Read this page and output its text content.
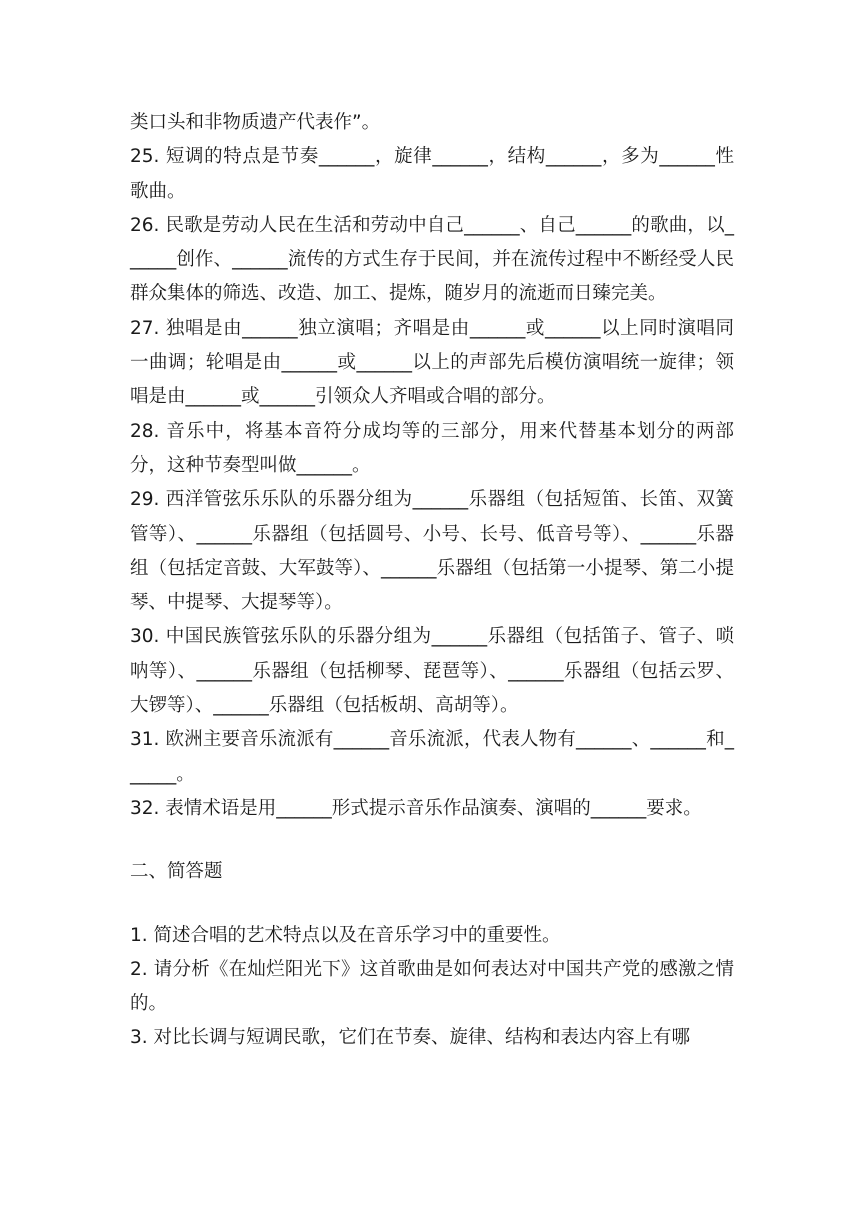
类口头和非物质遗产代表作”。

25. 短调的特点是节奏______，旋律______，结构______，多为______性歌曲。

26. 民歌是劳动人民在生活和劳动中自己______、自己______的歌曲，以______创作、______流传的方式生存于民间，并在流传过程中不断经受人民群众集体的筛选、改造、加工、提炼，随岁月的流逝而日臻完美。

27. 独唱是由______独立演唱；齐唱是由______或______以上同时演唱同一曲调；轮唱是由______或______以上的声部先后模仿演唱统一旋律；领唱是由______或______引领众人齐唱或合唱的部分。

28. 音乐中，将基本音符分成均等的三部分，用来代替基本划分的两部分，这种节奏型叫做______。

29. 西洋管弦乐乐队的乐器分组为______乐器组（包括短笛、长笛、双簧管等）、______乐器组（包括圆号、小号、长号、低音号等）、______乐器组（包括定音鼓、大军鼓等）、______乐器组（包括第一小提琴、第二小提琴、中提琴、大提琴等）。

30. 中国民族管弦乐队的乐器分组为______乐器组（包括笛子、管子、唢呐等）、______乐器组（包括柳琴、琵琶等）、______乐器组（包括云罗、大锣等）、______乐器组（包括板胡、高胡等）。

31. 欧洲主要音乐流派有______音乐流派，代表人物有______、______和______。

32. 表情术语是用______形式提示音乐作品演奏、演唱的______要求。

二、简答题

1. 简述合唱的艺术特点以及在音乐学习中的重要性。

2. 请分析《在灿烂阳光下》这首歌曲是如何表达对中国共产党的感激之情的。

3. 对比长调与短调民歌，它们在节奏、旋律、结构和表达内容上有哪
